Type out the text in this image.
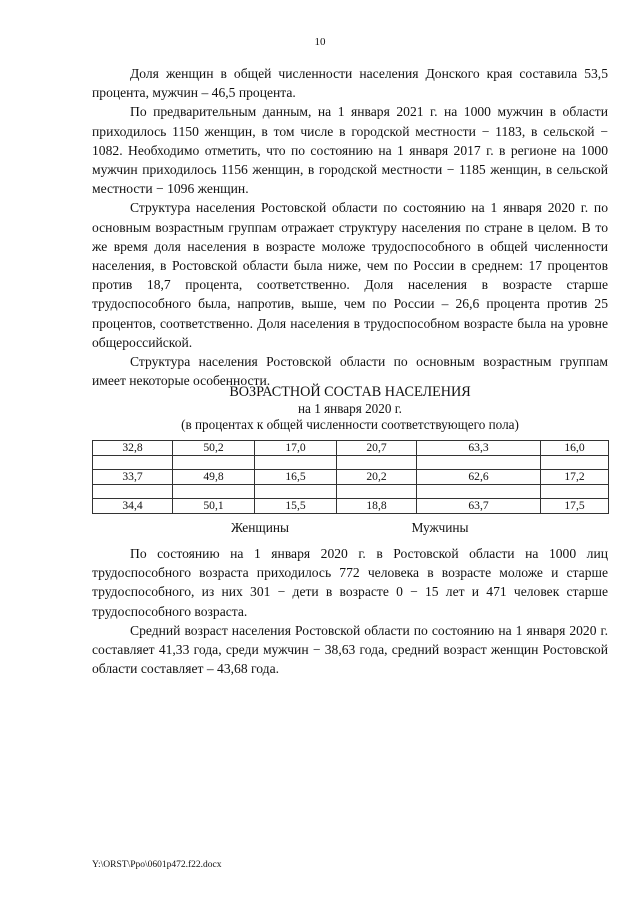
10

Доля женщин в общей численности населения Донского края составила 53,5 процента, мужчин – 46,5 процента.

По предварительным данным, на 1 января 2021 г. на 1000 мужчин в области приходилось 1150 женщин, в том числе в городской местности − 1183, в сельской − 1082. Необходимо отметить, что по состоянию на 1 января 2017 г. в регионе на 1000 мужчин приходилось 1156 женщин, в городской местности − 1185 женщин, в сельской местности − 1096 женщин.

Структура населения Ростовской области по состоянию на 1 января 2020 г. по основным возрастным группам отражает структуру населения по стране в целом. В то же время доля населения в возрасте моложе трудоспособного в общей численности населения, в Ростовской области была ниже, чем по России в среднем: 17 процентов против 18,7 процента, соответственно. Доля населения в возрасте старше трудоспособного была, напротив, выше, чем по России – 26,6 процента против 25 процентов, соответственно. Доля населения в трудоспособном возрасте была на уровне общероссийской.

Структура населения Ростовской области по основным возрастным группам имеет некоторые особенности.

ВОЗРАСТНОЙ СОСТАВ НАСЕЛЕНИЯ
на 1 января 2020 г.
(в процентах к общей численности соответствующего пола)
32,8	50,2	17,0	20,7	63,3	16,0

33,7	49,8	16,5	20,2	62,6	17,2

34,4	50,1	15,5	18,8	63,7	17,5
Женщины	Мужчины

По состоянию на 1 января 2020 г. в Ростовской области на 1000 лиц трудоспособного возраста приходилось 772 человека в возрасте моложе и старше трудоспособного, из них 301 − дети в возрасте 0 − 15 лет и 471 человек старше трудоспособного возраста.

Средний возраст населения Ростовской области по состоянию на 1 января 2020 г. составляет 41,33 года, среди мужчин − 38,63 года, средний возраст женщин Ростовской области составляет – 43,68 года.

Y:\ORST\Ppo\0601p472.f22.docx
